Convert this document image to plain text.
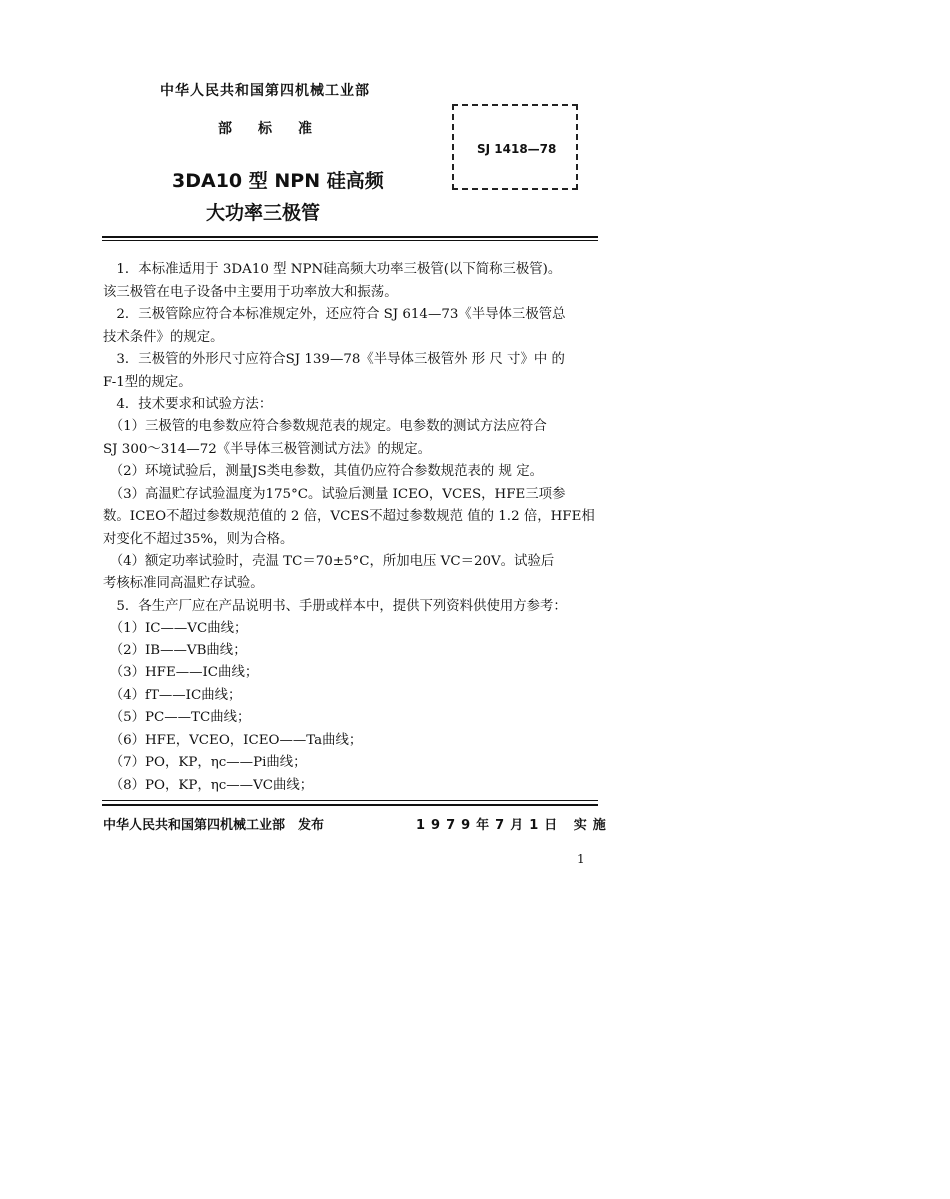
中华人民共和国第四机械工业部
部标准
3DA10 型 NPN 硅高频
大功率三极管
SJ 1418—78
　1．本标准适用于 3DA10 型 NPN硅高频大功率三极管(以下简称三极管)。
该三极管在电子设备中主要用于功率放大和振荡。
　2．三极管除应符合本标准规定外，还应符合 SJ 614—73《半导体三极管总
技术条件》的规定。
　3．三极管的外形尺寸应符合SJ 139—78《半导体三极管外 形 尺 寸》中 的
F-1型的规定。
　4．技术要求和试验方法：
　（1）三极管的电参数应符合参数规范表的规定。电参数的测试方法应符合
SJ 300～314—72《半导体三极管测试方法》的规定。
　（2）环境试验后，测量JS类电参数，其值仍应符合参数规范表的 规 定。
　（3）高温贮存试验温度为175°C。试验后测量 ICEO，VCES，HFE三项参
数。ICEO不超过参数规范值的 2 倍，VCES不超过参数规范 值的 1.2 倍，HFE相
对变化不超过35%，则为合格。
　（4）额定功率试验时，壳温 TC＝70±5°C，所加电压 VC＝20V。试验后
考核标准同高温贮存试验。
　5．各生产厂应在产品说明书、手册或样本中，提供下列资料供使用方参考：
　（1）IC——VC曲线；
　（2）IB——VB曲线；
　（3）HFE——IC曲线；
　（4）fT——IC曲线；
　（5）PC——TC曲线；
　（6）HFE，VCEO，ICEO——Ta曲线；
　（7）PO，KP，ηc——Pi曲线；
　（8）PO，KP，ηc——VC曲线；
中华人民共和国第四机械工业部　发布	1979年7月1日 实施
1
